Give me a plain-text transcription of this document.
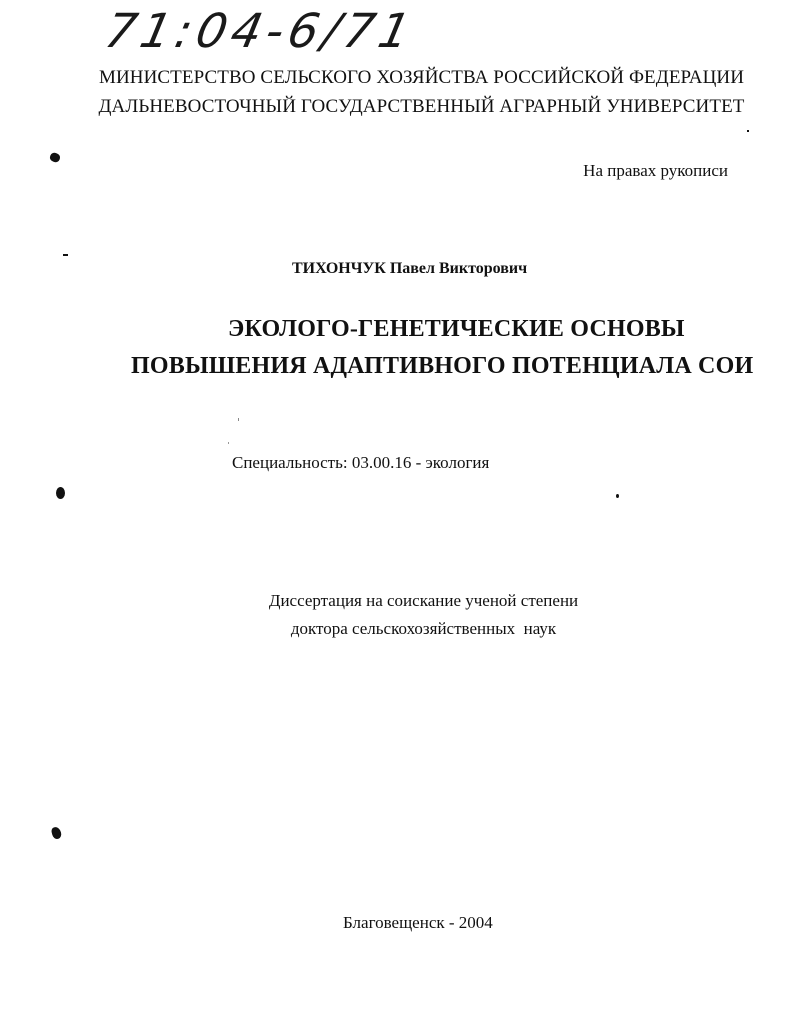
71:04-6/71
МИНИСТЕРСТВО СЕЛЬСКОГО ХОЗЯЙСТВА РОССИЙСКОЙ ФЕДЕРАЦИИ
ДАЛЬНЕВОСТОЧНЫЙ ГОСУДАРСТВЕННЫЙ АГРАРНЫЙ УНИВЕРСИТЕТ
На правах рукописи
ТИХОНЧУК Павел Викторович
ЭКОЛОГО-ГЕНЕТИЧЕСКИЕ ОСНОВЫ
ПОВЫШЕНИЯ АДАПТИВНОГО ПОТЕНЦИАЛА СОИ
Специальность: 03.00.16 - экология
Диссертация на соискание ученой степени
доктора сельскохозяйственных  наук
Благовещенск - 2004
